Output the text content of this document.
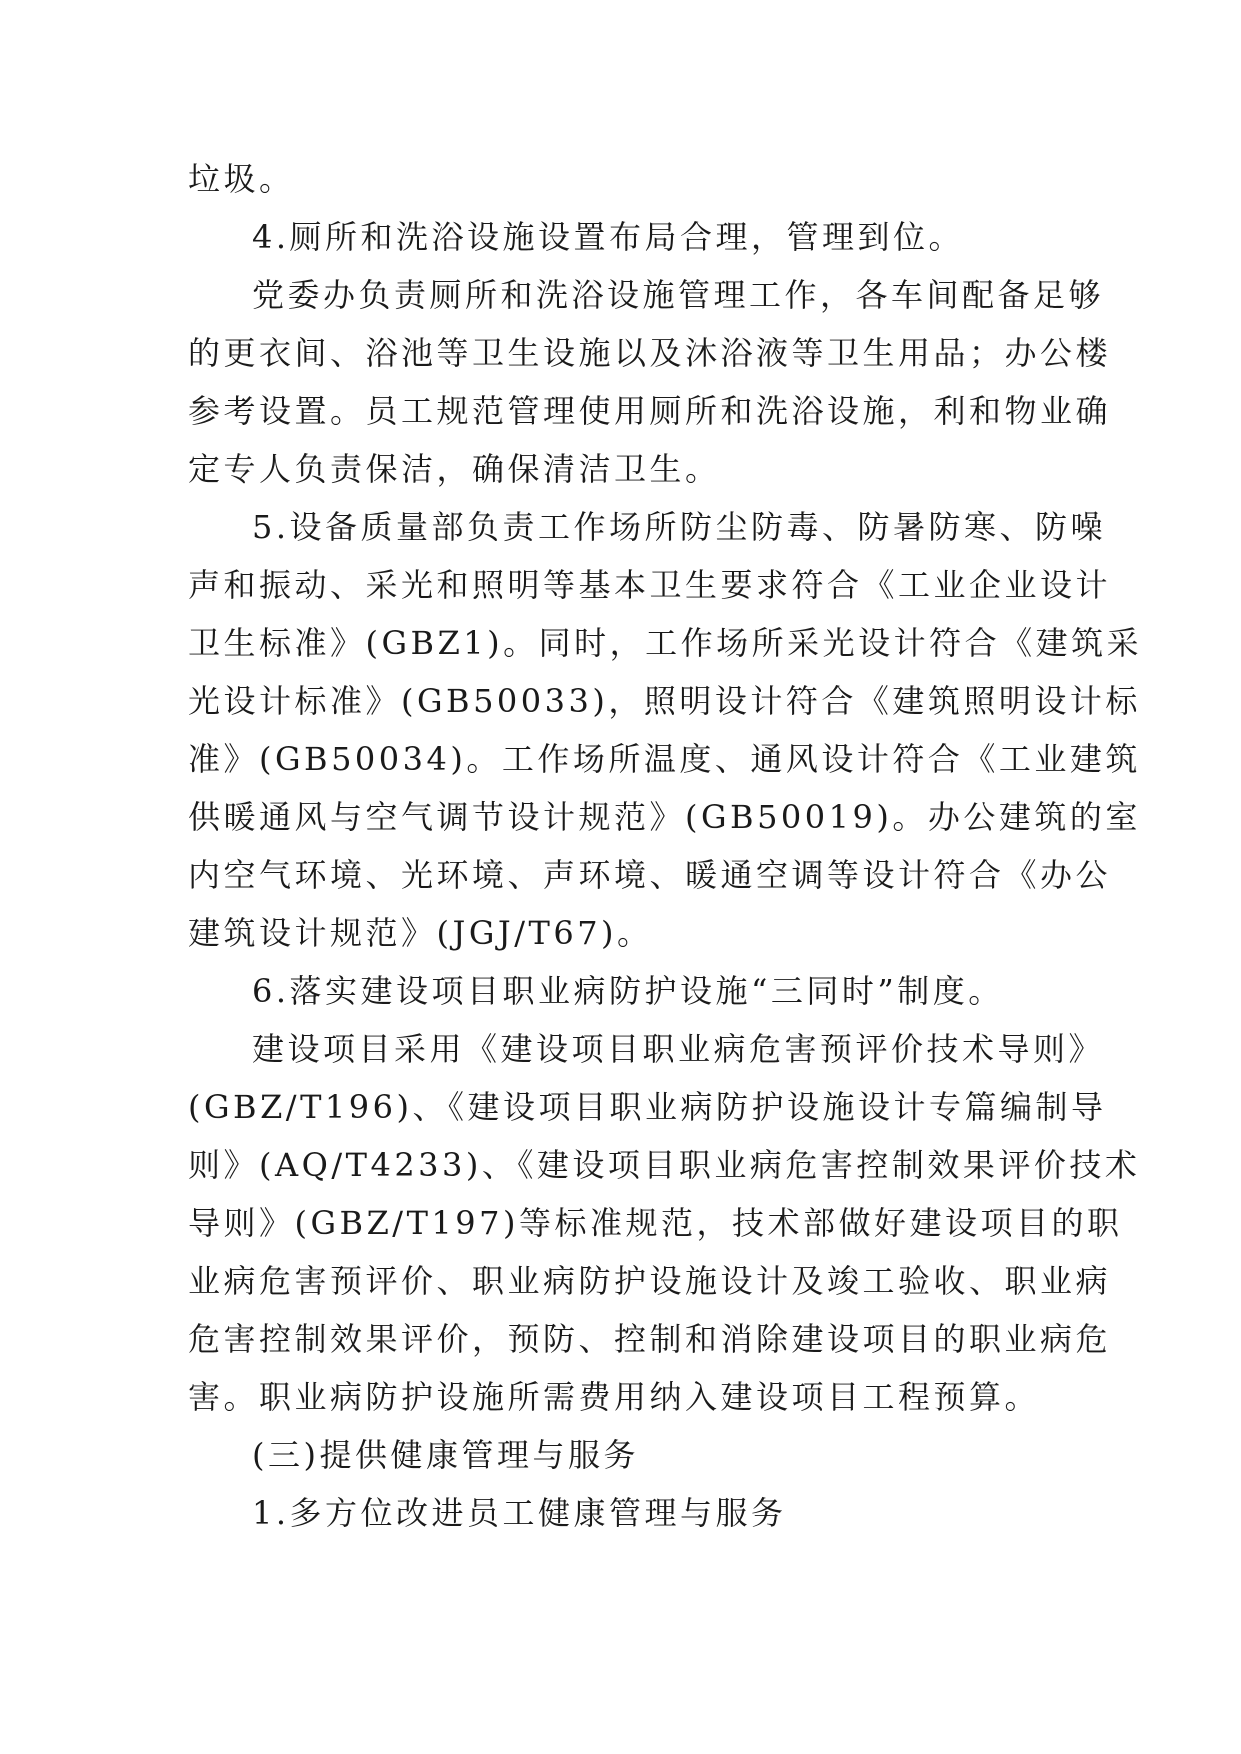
垃圾。
4.厕所和洗浴设施设置布局合理，管理到位。
党委办负责厕所和洗浴设施管理工作，各车间配备足够
的更衣间、浴池等卫生设施以及沐浴液等卫生用品；办公楼
参考设置。员工规范管理使用厕所和洗浴设施，利和物业确
定专人负责保洁，确保清洁卫生。
5.设备质量部负责工作场所防尘防毒、防暑防寒、防噪
声和振动、采光和照明等基本卫生要求符合《工业企业设计
卫生标准》(GBZ1)。同时，工作场所采光设计符合《建筑采
光设计标准》(GB50033)，照明设计符合《建筑照明设计标
准》(GB50034)。工作场所温度、通风设计符合《工业建筑
供暖通风与空气调节设计规范》(GB50019)。办公建筑的室
内空气环境、光环境、声环境、暖通空调等设计符合《办公
建筑设计规范》(JGJ/T67)。
6.落实建设项目职业病防护设施“三同时”制度。
建设项目采用《建设项目职业病危害预评价技术导则》
(GBZ/T196)、《建设项目职业病防护设施设计专篇编制导
则》(AQ/T4233)、《建设项目职业病危害控制效果评价技术
导则》(GBZ/T197)等标准规范，技术部做好建设项目的职
业病危害预评价、职业病防护设施设计及竣工验收、职业病
危害控制效果评价，预防、控制和消除建设项目的职业病危
害。职业病防护设施所需费用纳入建设项目工程预算。
(三)提供健康管理与服务
1.多方位改进员工健康管理与服务
